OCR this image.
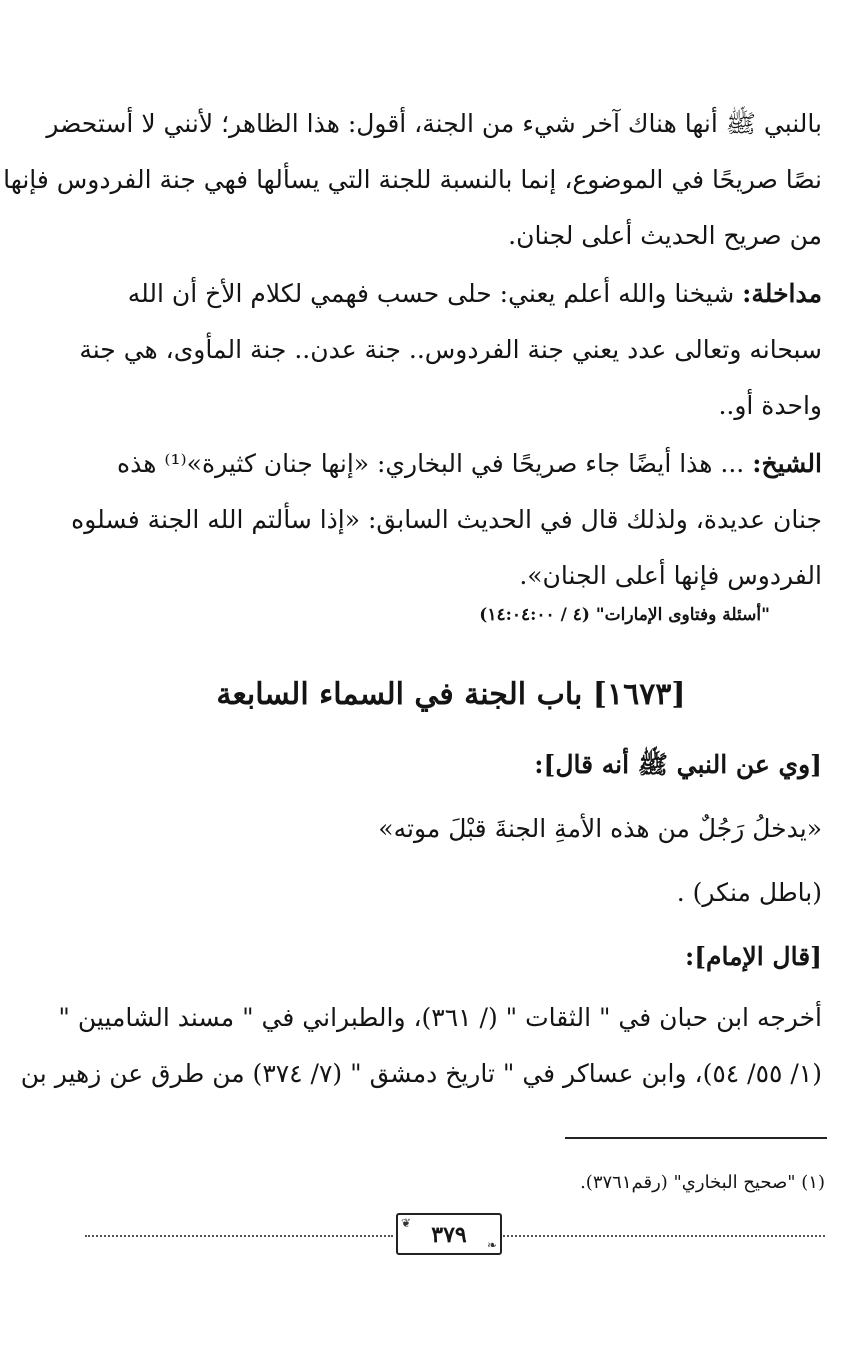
بالنبي ﷺ أنها هناك آخر شيء من الجنة، أقول: هذا الظاهر؛ لأنني لا أستحضر
نصًا صريحًا في الموضوع، إنما بالنسبة للجنة التي يسألها فهي جنة الفردوس فإنها
من صريح الحديث أعلى لجنان.
مداخلة: شيخنا والله أعلم يعني: حلى حسب فهمي لكلام الأخ أن الله
سبحانه وتعالى عدد يعني جنة الفردوس.. جنة عدن.. جنة المأوى، هي جنة
واحدة أو..
الشيخ: ... هذا أيضًا جاء صريحًا في البخاري: «إنها جنان كثيرة»⁽¹⁾ هذه
جنان عديدة، ولذلك قال في الحديث السابق: «إذا سألتم الله الجنة فسلوه
الفردوس فإنها أعلى الجنان».
"أسئلة وفتاوى الإمارات" (٤ / ١٤:٠٤:٠٠)
[١٦٧٣] باب الجنة في السماء السابعة
[وي عن النبي ﷺ أنه قال]:
«يدخلُ رَجُلٌ من هذه الأمةِ الجنةَ قبْلَ موته»
(باطل منكر) .
[قال الإمام]:
أخرجه ابن حبان في " الثقات " (/ ٣٦١)، والطبراني في " مسند الشاميين "
(١/ ٥٥/ ٥٤)، وابن عساكر في " تاريخ دمشق " (٧/ ٣٧٤) من طرق عن زهير بن
(١) "صحيح البخاري" (رقم٣٧٦١).
❦ ٣٧٩	❧
